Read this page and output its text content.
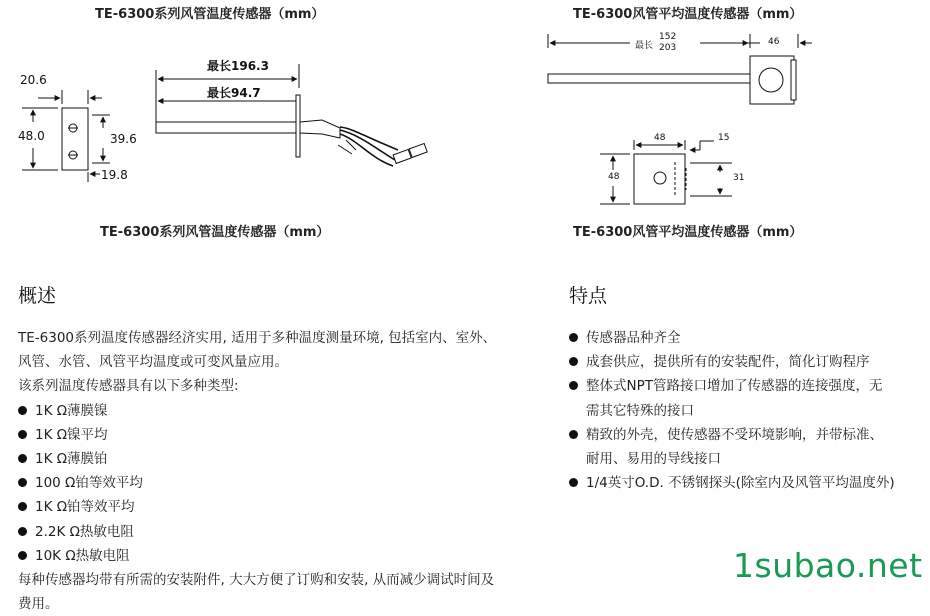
TE-6300系列风管温度传感器（mm）
TE-6300系列风管温度传感器（mm）
TE-6300风管平均温度传感器（mm）
TE-6300风管平均温度传感器（mm）
20.6
48.0	39.6
19.8
最长196.3
最长94.7
最长
152
203
46
48	15
48	31
概述
TE-6300系列温度传感器经济实用, 适用于多种温度测量环境, 包括室内、室外、
风管、水管、风管平均温度或可变风量应用。
该系列温度传感器具有以下多种类型:
1K Ω薄膜镍
1K Ω镍平均
1K Ω薄膜铂
100 Ω铂等效平均
1K Ω铂等效平均
2.2K Ω热敏电阻
10K Ω热敏电阻
每种传感器均带有所需的安装附件, 大大方便了订购和安装, 从而减少调试时间及
费用。
特点
传感器品种齐全
成套供应，提供所有的安装配件，简化订购程序
整体式NPT管路接口增加了传感器的连接强度，无
需其它特殊的接口
精致的外壳，使传感器不受环境影响，并带标准、
耐用、易用的导线接口
1/4英寸O.D. 不锈钢探头(除室内及风管平均温度外)
1subao.net
